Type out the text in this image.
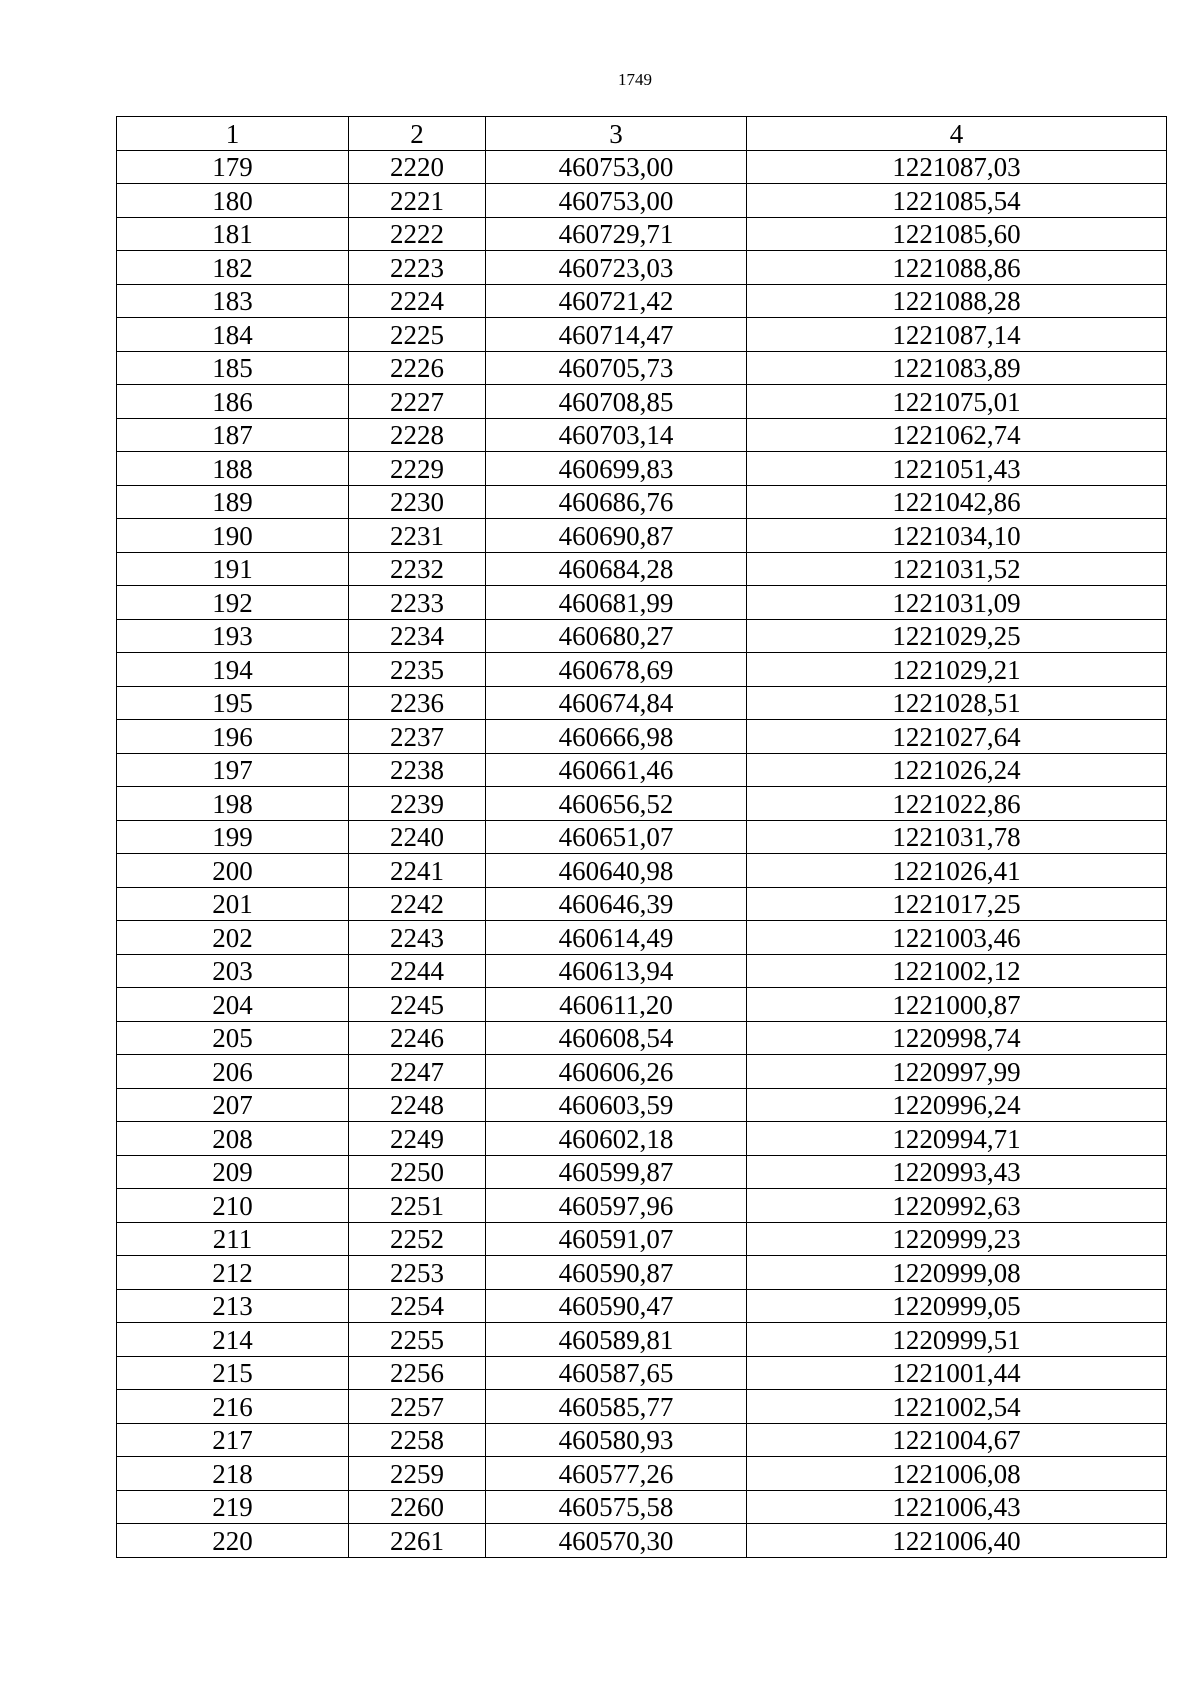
1749
1	2	3	4
179	2220	460753,00	1221087,03
180	2221	460753,00	1221085,54
181	2222	460729,71	1221085,60
182	2223	460723,03	1221088,86
183	2224	460721,42	1221088,28
184	2225	460714,47	1221087,14
185	2226	460705,73	1221083,89
186	2227	460708,85	1221075,01
187	2228	460703,14	1221062,74
188	2229	460699,83	1221051,43
189	2230	460686,76	1221042,86
190	2231	460690,87	1221034,10
191	2232	460684,28	1221031,52
192	2233	460681,99	1221031,09
193	2234	460680,27	1221029,25
194	2235	460678,69	1221029,21
195	2236	460674,84	1221028,51
196	2237	460666,98	1221027,64
197	2238	460661,46	1221026,24
198	2239	460656,52	1221022,86
199	2240	460651,07	1221031,78
200	2241	460640,98	1221026,41
201	2242	460646,39	1221017,25
202	2243	460614,49	1221003,46
203	2244	460613,94	1221002,12
204	2245	460611,20	1221000,87
205	2246	460608,54	1220998,74
206	2247	460606,26	1220997,99
207	2248	460603,59	1220996,24
208	2249	460602,18	1220994,71
209	2250	460599,87	1220993,43
210	2251	460597,96	1220992,63
211	2252	460591,07	1220999,23
212	2253	460590,87	1220999,08
213	2254	460590,47	1220999,05
214	2255	460589,81	1220999,51
215	2256	460587,65	1221001,44
216	2257	460585,77	1221002,54
217	2258	460580,93	1221004,67
218	2259	460577,26	1221006,08
219	2260	460575,58	1221006,43
220	2261	460570,30	1221006,40
